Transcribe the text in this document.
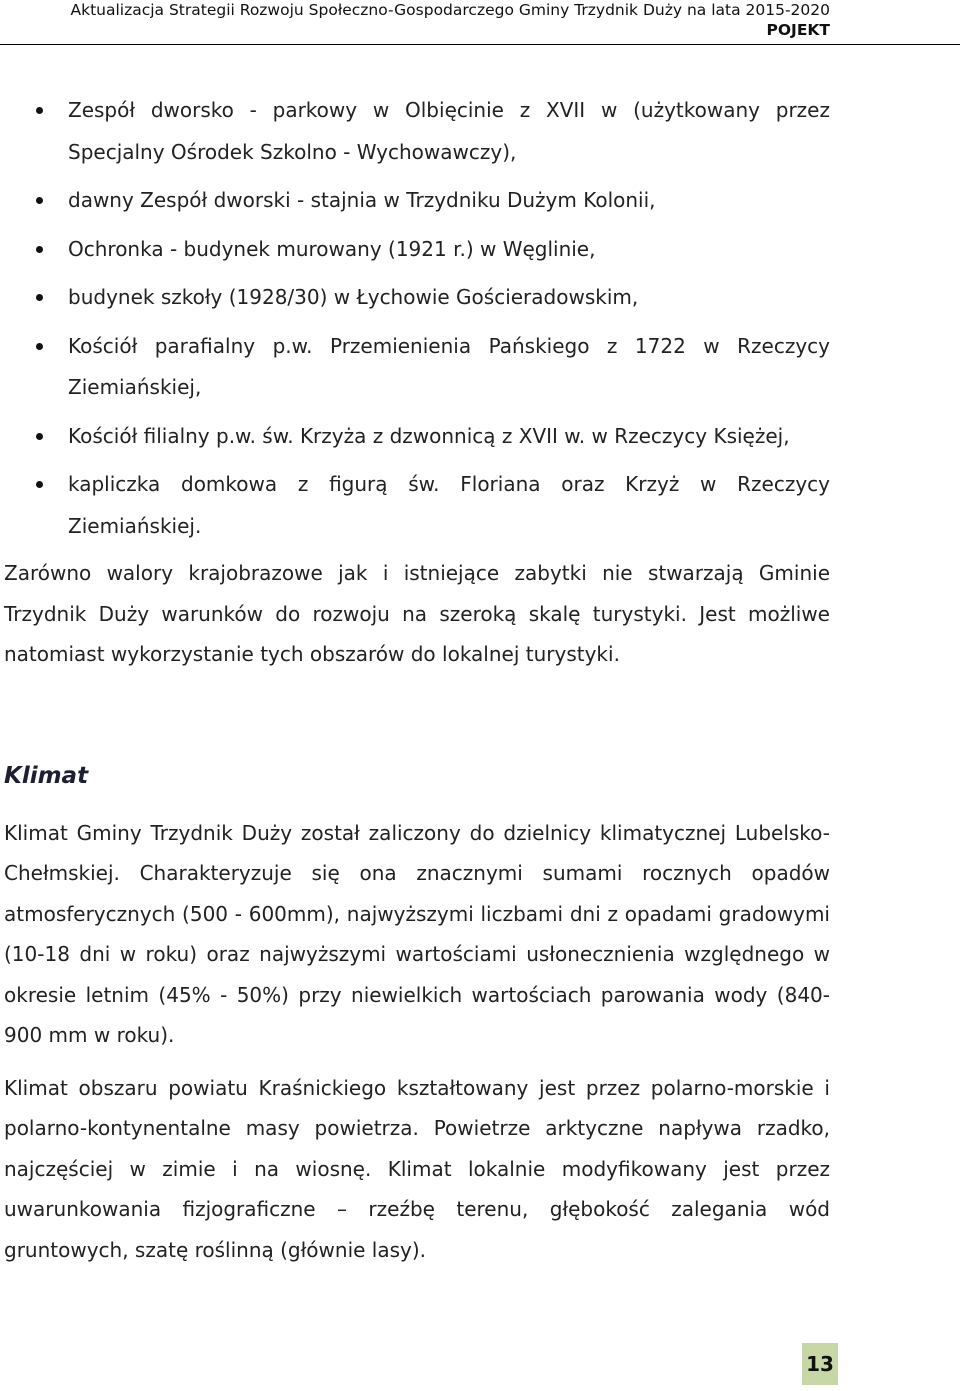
Aktualizacja Strategii Rozwoju Społeczno-Gospodarczego Gminy Trzydnik Duży na lata 2015-2020
POJEKT
Zespół dworsko - parkowy w Olbięcinie z XVII w (użytkowany przez Specjalny Ośrodek Szkolno - Wychowawczy),
dawny Zespół dworski - stajnia w Trzydniku Dużym Kolonii,
Ochronka - budynek murowany (1921 r.) w Węglinie,
budynek szkoły (1928/30) w Łychowie Gościeradowskim,
Kościół parafialny p.w. Przemienienia Pańskiego z 1722 w Rzeczycy Ziemiańskiej,
Kościół filialny p.w. św. Krzyża z dzwonnicą z XVII w. w Rzeczycy Księżej,
kapliczka domkowa z figurą św. Floriana oraz Krzyż w Rzeczycy Ziemiańskiej.

Zarówno walory krajobrazowe jak i istniejące zabytki nie stwarzają Gminie Trzydnik Duży warunków do rozwoju na szeroką skalę turystyki. Jest możliwe natomiast wykorzystanie tych obszarów do lokalnej turystyki.

Klimat

Klimat Gminy Trzydnik Duży został zaliczony do dzielnicy klimatycznej Lubelsko-Chełmskiej. Charakteryzuje się ona znacznymi sumami rocznych opadów atmosferycznych (500 - 600mm), najwyższymi liczbami dni z opadami gradowymi (10-18 dni w roku) oraz najwyższymi wartościami usłonecznienia względnego w okresie letnim (45% - 50%) przy niewielkich wartościach parowania wody (840-900 mm w roku).

Klimat obszaru powiatu Kraśnickiego kształtowany jest przez polarno-morskie i polarno-kontynentalne masy powietrza. Powietrze arktyczne napływa rzadko, najczęściej w zimie i na wiosnę. Klimat lokalnie modyfikowany jest przez uwarunkowania fizjograficzne – rzeźbę terenu, głębokość zalegania wód gruntowych, szatę roślinną (głównie lasy).

13
